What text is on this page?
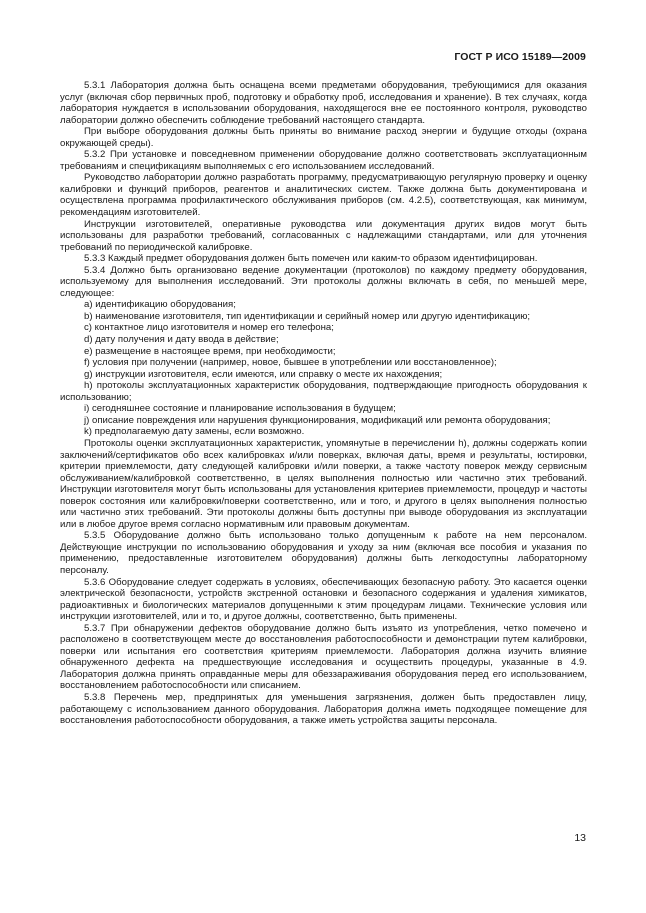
ГОСТ Р ИСО 15189—2009

5.3.1 Лаборатория должна быть оснащена всеми предметами оборудования, требующимися для оказания услуг (включая сбор первичных проб, подготовку и обработку проб, исследования и хранение). В тех случаях, когда лаборатория нуждается в использовании оборудования, находящегося вне ее постоянного контроля, руководство лаборатории должно обеспечить соблюдение требований настоящего стандарта.

При выборе оборудования должны быть приняты во внимание расход энергии и будущие отходы (охрана окружающей среды).

5.3.2 При установке и повседневном применении оборудование должно соответствовать эксплуатационным требованиям и спецификациям выполняемых с его использованием исследований.

Руководство лаборатории должно разработать программу, предусматривающую регулярную проверку и оценку калибровки и функций приборов, реагентов и аналитических систем. Также должна быть документирована и осуществлена программа профилактического обслуживания приборов (см. 4.2.5), соответствующая, как минимум, рекомендациям изготовителей.

Инструкции изготовителей, оперативные руководства или документация других видов могут быть использованы для разработки требований, согласованных с надлежащими стандартами, или для уточнения требований по периодической калибровке.

5.3.3 Каждый предмет оборудования должен быть помечен или каким-то образом идентифицирован.

5.3.4 Должно быть организовано ведение документации (протоколов) по каждому предмету оборудования, используемому для выполнения исследований. Эти протоколы должны включать в себя, по меньшей мере, следующее:

a) идентификацию оборудования;

b) наименование изготовителя, тип идентификации и серийный номер или другую идентификацию;

c) контактное лицо изготовителя и номер его телефона;

d) дату получения и дату ввода в действие;

e) размещение в настоящее время, при необходимости;

f) условия при получении (например, новое, бывшее в употреблении или восстановленное);

g) инструкции изготовителя, если имеются, или справку о месте их нахождения;

h) протоколы эксплуатационных характеристик оборудования, подтверждающие пригодность оборудования к использованию;

i) сегодняшнее состояние и планирование использования в будущем;

j) описание повреждения или нарушения функционирования, модификаций или ремонта оборудования;

k) предполагаемую дату замены, если возможно.

Протоколы оценки эксплуатационных характеристик, упомянутые в перечислении h), должны содержать копии заключений/сертификатов обо всех калибровках и/или поверках, включая даты, время и результаты, юстировки, критерии приемлемости, дату следующей калибровки и/или поверки, а также частоту поверок между сервисным обслуживанием/калибровкой соответственно, в целях выполнения полностью или частично этих требований. Инструкции изготовителя могут быть использованы для установления критериев приемлемости, процедур и частоты поверок состояния или калибровки/поверки соответственно, или и того, и другого в целях выполнения полностью или частично этих требований. Эти протоколы должны быть доступны при выводе оборудования из эксплуатации или в любое другое время согласно нормативным или правовым документам.

5.3.5 Оборудование должно быть использовано только допущенным к работе на нем персоналом. Действующие инструкции по использованию оборудования и уходу за ним (включая все пособия и указания по применению, предоставленные изготовителем оборудования) должны быть легкодоступны лабораторному персоналу.

5.3.6 Оборудование следует содержать в условиях, обеспечивающих безопасную работу. Это касается оценки электрической безопасности, устройств экстренной остановки и безопасного содержания и удаления химикатов, радиоактивных и биологических материалов допущенными к этим процедурам лицами. Технические условия или инструкции изготовителей, или и то, и другое должны, соответственно, быть применены.

5.3.7 При обнаружении дефектов оборудование должно быть изъято из употребления, четко помечено и расположено в соответствующем месте до восстановления работоспособности и демонстрации путем калибровки, поверки или испытания его соответствия критериям приемлемости. Лаборатория должна изучить влияние обнаруженного дефекта на предшествующие исследования и осуществить процедуры, указанные в 4.9. Лаборатория должна принять оправданные меры для обеззараживания оборудования перед его использованием, восстановлением работоспособности или списанием.

5.3.8 Перечень мер, предпринятых для уменьшения загрязнения, должен быть предоставлен лицу, работающему с использованием данного оборудования. Лаборатория должна иметь подходящее помещение для восстановления работоспособности оборудования, а также иметь устройства защиты персонала.

13
